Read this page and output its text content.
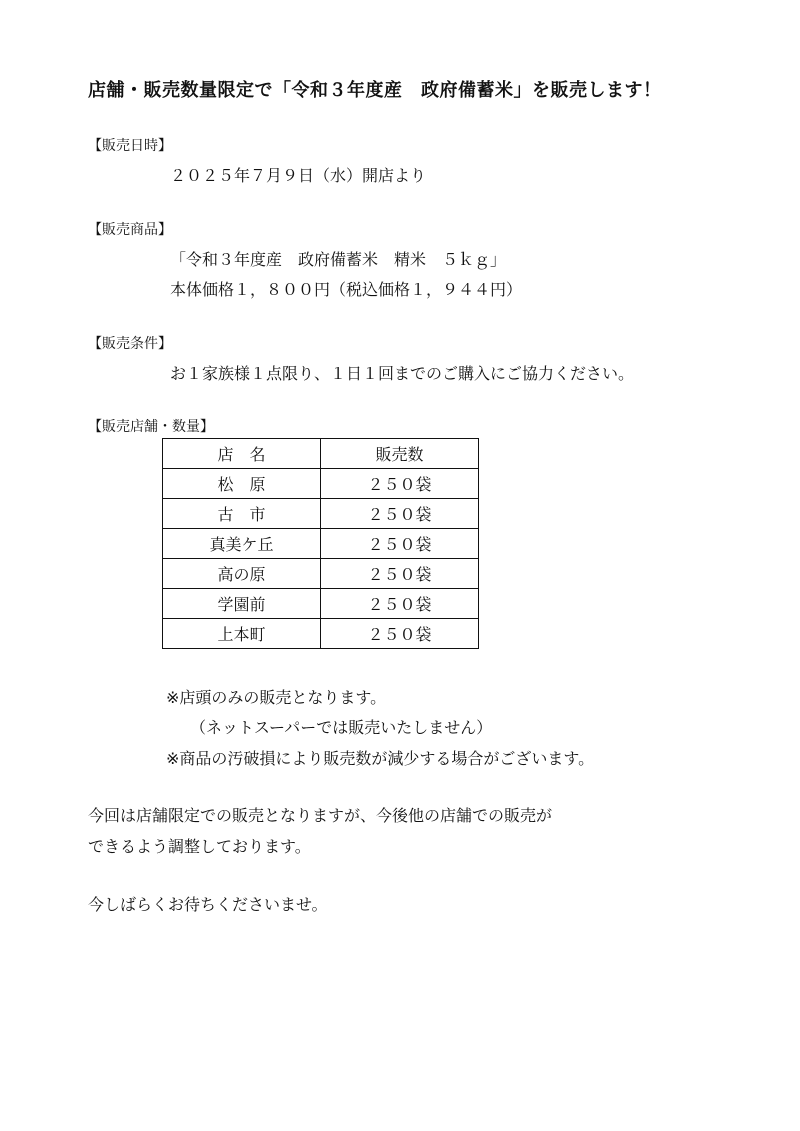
店舗・販売数量限定で「令和３年度産　政府備蓄米」を販売します！
【販売日時】
２０２５年７月９日（水）開店より
【販売商品】
「令和３年度産　政府備蓄米　精米　５ｋｇ」
本体価格１，８００円（税込価格１，９４４円）
【販売条件】
お１家族様１点限り、１日１回までのご購入にご協力ください。
【販売店舗・数量】
店　名	販売数
松　原	２５０袋
古　市	２５０袋
真美ケ丘	２５０袋
高の原	２５０袋
学園前	２５０袋
上本町	２５０袋
※店頭のみの販売となります。
（ネットスーパーでは販売いたしません）
※商品の汚破損により販売数が減少する場合がございます。
今回は店舗限定での販売となりますが、今後他の店舗での販売が
できるよう調整しております。
今しばらくお待ちくださいませ。
